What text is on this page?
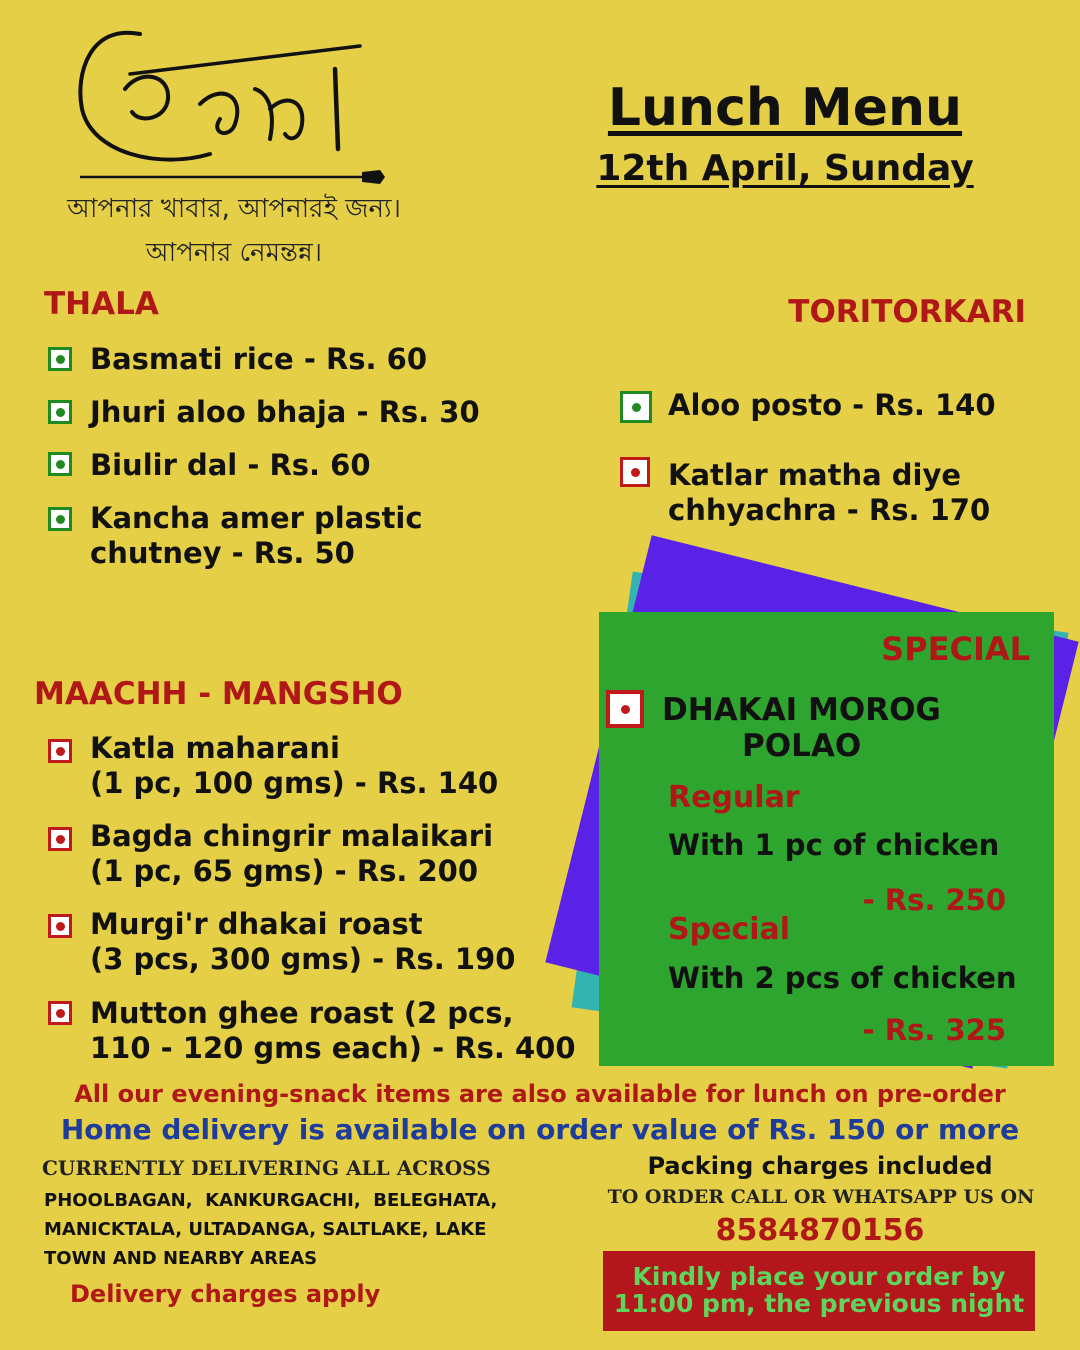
আপনার খাবার, আপনারই জন্য।
আপনার নেমন্তন্ন।
Lunch Menu
12th April, Sunday
THALA
Basmati rice - Rs. 60
Jhuri aloo bhaja - Rs. 30
Biulir dal - Rs. 60
Kancha amer plastic
chutney - Rs. 50
TORITORKARI
Aloo posto - Rs. 140
Katlar matha diye
chhyachra - Rs. 170
SPECIAL
DHAKAI MOROG
POLAO
Regular
With 1 pc of chicken
- Rs. 250
Special
With 2 pcs of chicken
- Rs. 325
MAACHH - MANGSHO
Katla maharani
(1 pc, 100 gms) - Rs. 140
Bagda chingrir malaikari
(1 pc, 65 gms) - Rs. 200
Murgi'r dhakai roast
(3 pcs, 300 gms) - Rs. 190
Mutton ghee roast (2 pcs,
110 - 120 gms each) - Rs. 400
All our evening-snack items are also available for lunch on pre-order
Home delivery is available on order value of Rs. 150 or more
CURRENTLY DELIVERING ALL ACROSS
PHOOLBAGAN,  KANKURGACHI,  BELEGHATA,
MANICKTALA, ULTADANGA, SALTLAKE, LAKE
TOWN AND NEARBY AREAS
Delivery charges apply
Packing charges included
TO ORDER CALL OR WHATSAPP US ON
8584870156
Kindly place your order by
11:00 pm, the previous night
